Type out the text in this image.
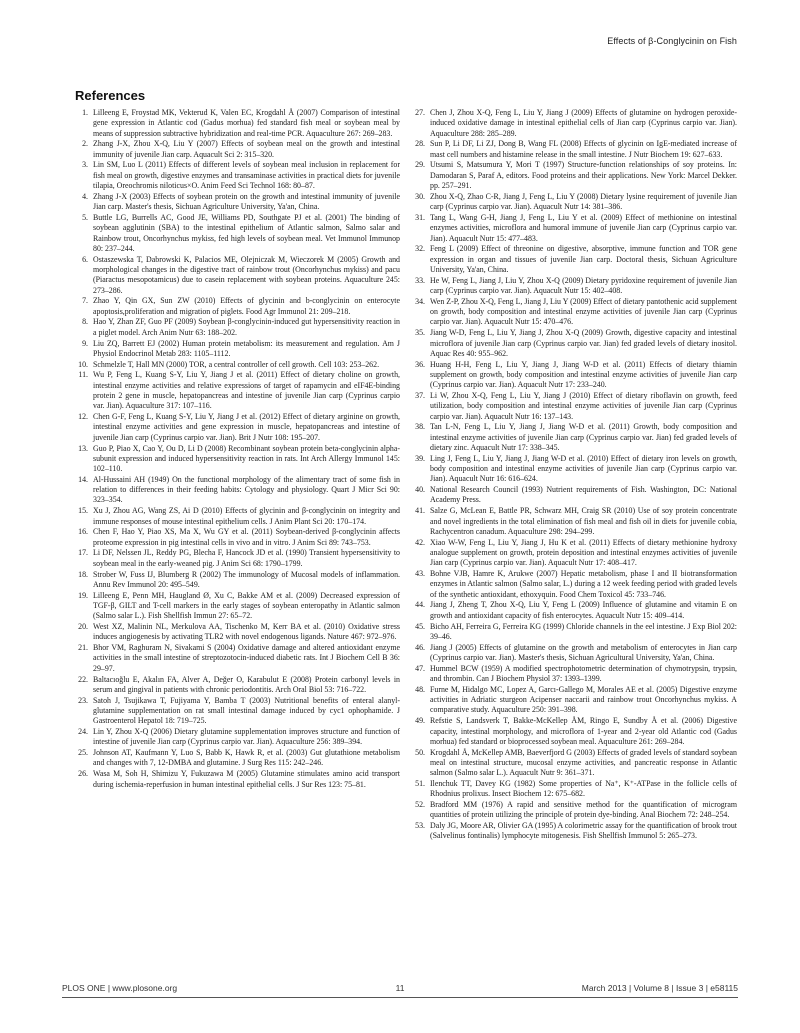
Effects of β-Conglycinin on Fish
References
1. Lilleeng E, Froystad MK, Vekterud K, Valen EC, Krogdahl Å (2007) Comparison of intestinal gene expression in Atlantic cod (Gadus morhua) fed standard fish meal or soybean meal by means of suppression subtractive hybridization and real-time PCR. Aquaculture 267: 269–283.
2. Zhang J-X, Zhou X-Q, Liu Y (2007) Effects of soybean meal on the growth and intestinal immunity of juvenile Jian carp. Aquacult Sci 2: 315–320.
3. Lin SM, Luo L (2011) Effects of different levels of soybean meal inclusion in replacement for fish meal on growth, digestive enzymes and transaminase activities in practical diets for juvenile tilapia, Oreochromis niloticus×O. Anim Feed Sci Technol 168: 80–87.
4. Zhang J-X (2003) Effects of soybean protein on the growth and intestinal immunity of juvenile Jian carp. Master's thesis, Sichuan Agriculture University, Ya'an, China.
5. Buttle LG, Burrells AC, Good JE, Williams PD, Southgate PJ et al. (2001) The binding of soybean agglutinin (SBA) to the intestinal epithelium of Atlantic salmon, Salmo salar and Rainbow trout, Oncorhynchus mykiss, fed high levels of soybean meal. Vet Immunol Immunop 80: 237–244.
6. Ostaszewska T, Dabrowski K, Palacios ME, Olejniczak M, Wieczorek M (2005) Growth and morphological changes in the digestive tract of rainbow trout (Oncorhynchus mykiss) and pacu (Piaractus mesopotamicus) due to casein replacement with soybean proteins. Aquaculture 245: 273–286.
7. Zhao Y, Qin GX, Sun ZW (2010) Effects of glycinin and b-conglycinin on enterocyte apoptosis,proliferation and migration of piglets. Food Agr Immunol 21: 209–218.
8. Hao Y, Zhan ZF, Guo PF (2009) Soybean β-conglycinin-induced gut hypersensitivity reaction in a piglet model. Arch Anim Nutr 63: 188–202.
9. Liu ZQ, Barrett EJ (2002) Human protein metabolism: its measurement and regulation. Am J Physiol Endocrinol Metab 283: 1105–1112.
10. Schmelzle T, Hall MN (2000) TOR, a central controller of cell growth. Cell 103: 253–262.
11. Wu P, Feng L, Kuang S-Y, Liu Y, Jiang J et al. (2011) Effect of dietary choline on growth, intestinal enzyme activities and relative expressions of target of rapamycin and eIF4E-binding protein 2 gene in muscle, hepatopancreas and intestine of juvenile Jian carp (Cyprinus carpio var. Jian). Aquaculture 317: 107–116.
12. Chen G-F, Feng L, Kuang S-Y, Liu Y, Jiang J et al. (2012) Effect of dietary arginine on growth, intestinal enzyme activities and gene expression in muscle, hepatopancreas and intestine of juvenile Jian carp (Cyprinus carpio var. Jian). Brit J Nutr 108: 195–207.
13. Guo P, Piao X, Cao Y, Ou D, Li D (2008) Recombinant soybean protein beta-conglycinin alpha-subunit expression and induced hypersensitivity reaction in rats. Int Arch Allergy Immunol 145: 102–110.
14. Al-Hussaini AH (1949) On the functional morphology of the alimentary tract of some fish in relation to differences in their feeding habits: Cytology and physiology. Quart J Micr Sci 90: 323–354.
15. Xu J, Zhou AG, Wang ZS, Ai D (2010) Effects of glycinin and β-conglycinin on integrity and immune responses of mouse intestinal epithelium cells. J Anim Plant Sci 20: 170–174.
16. Chen F, Hao Y, Piao XS, Ma X, Wu GY et al. (2011) Soybean-derived β-conglycinin affects proteome expression in pig intestinal cells in vivo and in vitro. J Anim Sci 89: 743–753.
17. Li DF, Nelssen JL, Reddy PG, Blecha F, Hancock JD et al. (1990) Transient hypersensitivity to soybean meal in the early-weaned pig. J Anim Sci 68: 1790–1799.
18. Strober W, Fuss IJ, Blumberg R (2002) The immunology of Mucosal models of inflammation. Annu Rev Immunol 20: 495–549.
19. Lilleeng E, Penn MH, Haugland Ø, Xu C, Bakke AM et al. (2009) Decreased expression of TGF-β, GILT and T-cell markers in the early stages of soybean enteropathy in Atlantic salmon (Salmo salar L.). Fish Shellfish Immun 27: 65–72.
20. West XZ, Malinin NL, Merkulova AA, Tischenko M, Kerr BA et al. (2010) Oxidative stress induces angiogenesis by activating TLR2 with novel endogenous ligands. Nature 467: 972–976.
21. Bhor VM, Raghuram N, Sivakami S (2004) Oxidative damage and altered antioxidant enzyme activities in the small intestine of streptozotocin-induced diabetic rats. Int J Biochem Cell B 36: 29–97.
22. Baltacıoğlu E, Akalın FA, Alver A, Değer O, Karabulut E (2008) Protein carbonyl levels in serum and gingival in patients with chronic periodontitis. Arch Oral Biol 53: 716–722.
23. Satoh J, Tsujikawa T, Fujiyama Y, Bamba T (2003) Nutritional benefits of enteral alanyl-glutamine supplementation on rat small intestinal damage induced by cyc1 ophophamide. J Gastroenterol Hepatol 18: 719–725.
24. Lin Y, Zhou X-Q (2006) Dietary glutamine supplementation improves structure and function of intestine of juvenile Jian carp (Cyprinus carpio var. Jian). Aquaculture 256: 389–394.
25. Johnson AT, Kaufmann Y, Luo S, Babb K, Hawk R, et al. (2003) Gut glutathione metabolism and changes with 7, 12-DMBA and glutamine. J Surg Res 115: 242–246.
26. Wasa M, Soh H, Shimizu Y, Fukuzawa M (2005) Glutamine stimulates amino acid transport during ischemia-reperfusion in human intestinal epithelial cells. J Sur Res 123: 75–81.
27. Chen J, Zhou X-Q, Feng L, Liu Y, Jiang J (2009) Effects of glutamine on hydrogen peroxide-induced oxidative damage in intestinal epithelial cells of Jian carp (Cyprinus carpio var. Jian). Aquaculture 288: 285–289.
28. Sun P, Li DF, Li ZJ, Dong B, Wang FL (2008) Effects of glycinin on IgE-mediated increase of mast cell numbers and histamine release in the small intestine. J Nutr Biochem 19: 627–633.
29. Utsumi S, Matsumura Y, Mori T (1997) Structure-function relationships of soy proteins. In: Damodaran S, Paraf A, editors. Food proteins and their applications. New York: Marcel Dekker. pp. 257–291.
30. Zhou X-Q, Zhao C-R, Jiang J, Feng L, Liu Y (2008) Dietary lysine requirement of juvenile Jian carp (Cyprinus carpio var. Jian). Aquacult Nutr 14: 381–386.
31. Tang L, Wang G-H, Jiang J, Feng L, Liu Y et al. (2009) Effect of methionine on intestinal enzymes activities, microflora and humoral immune of juvenile Jian carp (Cyprinus carpio var. Jian). Aquacult Nutr 15: 477–483.
32. Feng L (2009) Effect of threonine on digestive, absorptive, immune function and TOR gene expression in organ and tissues of juvenile Jian carp. Doctoral thesis, Sichuan Agriculture University, Ya'an, China.
33. He W, Feng L, Jiang J, Liu Y, Zhou X-Q (2009) Dietary pyridoxine requirement of juvenile Jian carp (Cyprinus carpio var. Jian). Aquacult Nutr 15: 402–408.
34. Wen Z-P, Zhou X-Q, Feng L, Jiang J, Liu Y (2009) Effect of dietary pantothenic acid supplement on growth, body composition and intestinal enzyme activities of juvenile Jian carp (Cyprinus carpio var. Jian). Aquacult Nutr 15: 470–476.
35. Jiang W-D, Feng L, Liu Y, Jiang J, Zhou X-Q (2009) Growth, digestive capacity and intestinal microflora of juvenile Jian carp (Cyprinus carpio var. Jian) fed graded levels of dietary inositol. Aquac Res 40: 955–962.
36. Huang H-H, Feng L, Liu Y, Jiang J, Jiang W-D et al. (2011) Effects of dietary thiamin supplement on growth, body composition and intestinal enzyme activities of juvenile Jian carp (Cyprinus carpio var. Jian). Aquacult Nutr 17: 233–240.
37. Li W, Zhou X-Q, Feng L, Liu Y, Jiang J (2010) Effect of dietary riboflavin on growth, feed utilization, body composition and intestinal enzyme activities of juvenile Jian carp (Cyprinus carpio var. Jian). Aquacult Nutr 16: 137–143.
38. Tan L-N, Feng L, Liu Y, Jiang J, Jiang W-D et al. (2011) Growth, body composition and intestinal enzyme activities of juvenile Jian carp (Cyprinus carpio var. Jian) fed graded levels of dietary zinc. Aquacult Nutr 17: 338–345.
39. Ling J, Feng L, Liu Y, Jiang J, Jiang W-D et al. (2010) Effect of dietary iron levels on growth, body composition and intestinal enzyme activities of juvenile Jian carp (Cyprinus carpio var. Jian). Aquacult Nutr 16: 616–624.
40. National Research Council (1993) Nutrient requirements of Fish. Washington, DC: National Academy Press.
41. Salze G, McLean E, Battle PR, Schwarz MH, Craig SR (2010) Use of soy protein concentrate and novel ingredients in the total elimination of fish meal and fish oil in diets for juvenile cobia, Rachycentron canadum. Aquaculture 298: 294–299.
42. Xiao W-W, Feng L, Liu Y, Jiang J, Hu K et al. (2011) Effects of dietary methionine hydroxy analogue supplement on growth, protein deposition and intestinal enzymes activities of juvenile Jian carp (Cyprinus carpio var. Jian). Aquacult Nutr 17: 408–417.
43. Bohne VJB, Hamre K, Arukwe (2007) Hepatic metabolism, phase I and II biotransformation enzymes in Atlantic salmon (Salmo salar, L.) during a 12 week feeding period with graded levels of the synthetic antioxidant, ethoxyquin. Food Chem Toxicol 45: 733–746.
44. Jiang J, Zheng T, Zhou X-Q, Liu Y, Feng L (2009) Influence of glutamine and vitamin E on growth and antioxidant capacity of fish enterocytes. Aquacult Nutr 15: 409–414.
45. Bicho AH, Ferreira G, Ferreira KG (1999) Chloride channels in the eel intestine. J Exp Biol 202: 39–46.
46. Jiang J (2005) Effects of glutamine on the growth and metabolism of enterocytes in Jian carp (Cyprinus carpio var. Jian). Master's thesis, Sichuan Agricultural University, Ya'an, China.
47. Hummel BCW (1959) A modified spectrophotometric determination of chymotrypsin, trypsin, and thrombin. Can J Biochem Physiol 37: 1393–1399.
48. Furne M, Hidalgo MC, Lopez A, Garcı-Gallego M, Morales AE et al. (2005) Digestive enzyme activities in Adriatic sturgeon Acipenser naccarii and rainbow trout Oncorhynchus mykiss. A comparative study. Aquaculture 250: 391–398.
49. Refstie S, Landsverk T, Bakke-McKellep ÅM, Ringo E, Sundby Å et al. (2006) Digestive capacity, intestinal morphology, and microflora of 1-year and 2-year old Atlantic cod (Gadus morhua) fed standard or bioprocessed soybean meal. Aquaculture 261: 269–284.
50. Krogdahl Å, McKellep AMB, Baeverfjord G (2003) Effects of graded levels of standard soybean meal on intestinal structure, mucosal enzyme activities, and pancreatic response in Atlantic salmon (Salmo salar L.). Aquacult Nutr 9: 361–371.
51. Ilenchuk TT, Davey KG (1982) Some properties of Na⁺, K⁺-ATPase in the follicle cells of Rhodnius prolixus. Insect Biochem 12: 675–682.
52. Bradford MM (1976) A rapid and sensitive method for the quantification of microgram quantities of protein utilizing the principle of protein dye-binding. Anal Biochem 72: 248–254.
53. Daly JG, Moore AR, Olivier GA (1995) A colorimetric assay for the quantification of brook trout (Salvelinus fontinalis) lymphocyte mitogenesis. Fish Shellfish Immunol 5: 265–273.
PLOS ONE | www.plosone.org	11	March 2013 | Volume 8 | Issue 3 | e58115
